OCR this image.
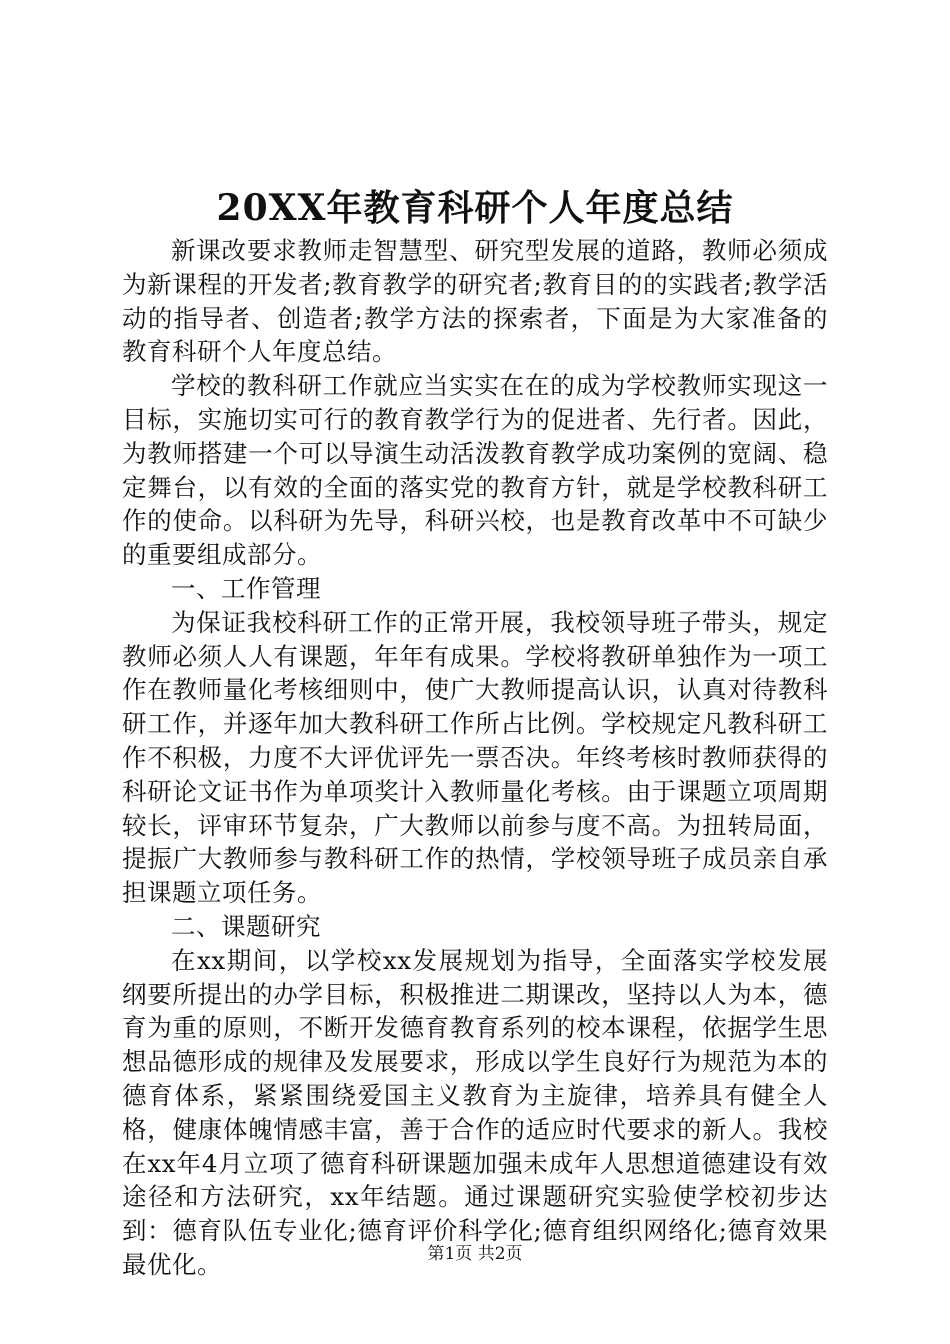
20XX年教育科研个人年度总结

新课改要求教师走智慧型、研究型发展的道路，教师必须成为新课程的开发者;教育教学的研究者;教育目的的实践者;教学活动的指导者、创造者;教学方法的探索者，下面是为大家准备的教育科研个人年度总结。

学校的教科研工作就应当实实在在的成为学校教师实现这一目标，实施切实可行的教育教学行为的促进者、先行者。因此，为教师搭建一个可以导演生动活泼教育教学成功案例的宽阔、稳定舞台，以有效的全面的落实党的教育方针，就是学校教科研工作的使命。以科研为先导，科研兴校，也是教育改革中不可缺少的重要组成部分。

一、工作管理

为保证我校科研工作的正常开展，我校领导班子带头，规定教师必须人人有课题，年年有成果。学校将教研单独作为一项工作在教师量化考核细则中，使广大教师提高认识，认真对待教科研工作，并逐年加大教科研工作所占比例。学校规定凡教科研工作不积极，力度不大评优评先一票否决。年终考核时教师获得的科研论文证书作为单项奖计入教师量化考核。由于课题立项周期较长，评审环节复杂，广大教师以前参与度不高。为扭转局面，提振广大教师参与教科研工作的热情，学校领导班子成员亲自承担课题立项任务。

二、课题研究

在xx期间，以学校xx发展规划为指导，全面落实学校发展纲要所提出的办学目标，积极推进二期课改，坚持以人为本，德育为重的原则，不断开发德育教育系列的校本课程，依据学生思想品德形成的规律及发展要求，形成以学生良好行为规范为本的德育体系，紧紧围绕爱国主义教育为主旋律，培养具有健全人格，健康体魄情感丰富，善于合作的适应时代要求的新人。我校在xx年4月立项了德育科研课题加强未成年人思想道德建设有效途径和方法研究，xx年结题。通过课题研究实验使学校初步达到：德育队伍专业化;德育评价科学化;德育组织网络化;德育效果最优化。	第1页 共2页
